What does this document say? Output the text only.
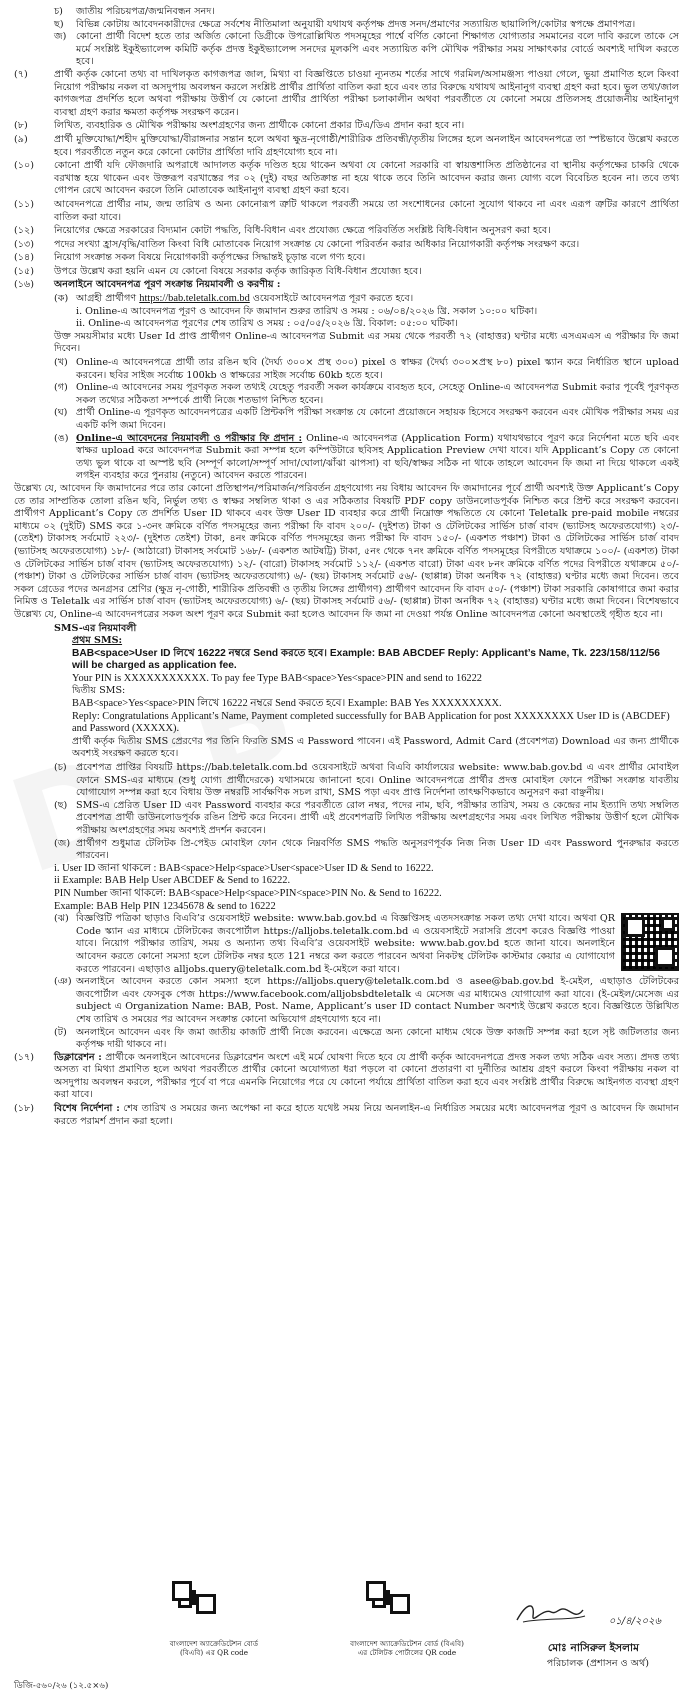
চ)	জাতীয় পরিচয়পত্র/জন্মনিবন্ধন সনদ।
ছ)	বিভিন্ন কোটায় আবেদনকারীদের ক্ষেত্রে সর্বশেষ নীতিমালা অনুযায়ী যথাযথ কর্তৃপক্ষ প্রদত্ত সনদ/প্রমাণের সত্যায়িত ছায়ালিপি/কোটার স্বপক্ষে প্রমাণপত্র।
জ)	কোনো প্রার্থী বিদেশ হতে তার অর্জিত কোনো ডিগ্রীকে উপরোল্লিখিত পদসমূহের পার্শ্বে বর্ণিত কোনো শিক্ষাগত যোগ্যতার সমমানের বলে দাবি করলে তাকে সে মর্মে সংশ্লিষ্ট ইকুইভ্যালেন্স কমিটি কর্তৃক প্রদত্ত ইকুইভ্যালেন্স সনদের মূলকপি এবং সত্যায়িত কপি মৌখিক পরীক্ষার সময় সাক্ষাৎকার বোর্ডে অবশ্যই দাখিল করতে হবে।
(৭)	প্রার্থী কর্তৃক কোনো তথ্য বা দাখিলকৃত কাগজপত্র জাল, মিথ্যা বা বিজ্ঞপ্তিতে চাওয়া ন্যূনতম শর্তের সাথে গরমিল/অসামঞ্জস্য পাওয়া গেলে, ভুয়া প্রমাণিত হলে কিংবা নিয়োগ পরীক্ষায় নকল বা অসদুপায় অবলম্বন করলে সংশ্লিষ্ট প্রার্থীর প্রার্থিতা বাতিল করা হবে এবং তার বিরুদ্ধে যথাযথ আইনানুগ ব্যবস্থা গ্রহণ করা হবে। ভুল তথ্য/জাল কাগজপত্র প্রদর্শিত হলে অথবা পরীক্ষায় উত্তীর্ণ যে কোনো প্রার্থীর প্রার্থিতা পরীক্ষা চলাকালীন অথবা পরবর্তীতে যে কোনো সময়ে প্রতিলসহ প্রয়োজনীয় আইনানুগ ব্যবস্থা গ্রহণ করার ক্ষমতা কর্তৃপক্ষ সংরক্ষণ করেন।
(৮)	লিখিত, ব্যবহারিক ও মৌখিক পরীক্ষায় অংশগ্রহণের জন্য প্রার্থীকে কোনো প্রকার টিএ/ডিএ প্রদান করা হবে না।
(৯)	প্রার্থী মুক্তিযোদ্ধা/শহীদ মুক্তিযোদ্ধা/বীরাঙ্গনার সন্তান হলে অথবা ক্ষুদ্র-নৃগোষ্ঠী/শারীরিক প্রতিবন্ধী/তৃতীয় লিঙ্গের হলে অনলাইন আবেদনপত্রে তা স্পষ্টভাবে উল্লেখ করতে হবে। পরবর্তীতে নতুন করে কোনো কোটার প্রার্থিতা দাবি গ্রহণযোগ্য হবে না।
(১০)	কোনো প্রার্থী যদি ফৌজদারি অপরাধে আদালত কর্তৃক দণ্ডিত হয়ে থাকেন অথবা যে কোনো সরকারি বা স্বায়ত্তশাসিত প্রতিষ্ঠানের বা স্থানীয় কর্তৃপক্ষের চাকরি থেকে বরখাস্ত হয়ে থাকেন এবং উক্তরূপ বরখাস্তের পর ০২ (দুই) বছর অতিক্রান্ত না হয়ে থাকে তবে তিনি আবেদন করার জন্য যোগ্য বলে বিবেচিত হবেন না। তবে তথ্য গোপন রেখে আবেদন করলে তিনি মোতাবেক আইনানুগ ব্যবস্থা গ্রহণ করা হবে।
(১১)	আবেদনপত্রে প্রার্থীর নাম, জন্ম তারিখ ও অন্য কোনোরূপ ত্রুটি থাকলে পরবর্তী সময়ে তা সংশোধনের কোনো সুযোগ থাকবে না এবং এরূপ ত্রুটির কারণে প্রার্থিতা বাতিল করা যাবে।
(১২)	নিয়োগের ক্ষেত্রে সরকারের বিদ্যমান কোটা পদ্ধতি, বিধি-বিধান এবং প্রযোজ্য ক্ষেত্রে পরিবর্তিত সংশ্লিষ্ট বিধি-বিধান অনুসরণ করা হবে।
(১৩)	পদের সংখ্যা হ্রাস/বৃদ্ধি/বাতিল কিংবা বিধি মোতাবেক নিয়োগ সংক্রান্ত যে কোনো পরিবর্তন করার অধিকার নিয়োগকারী কর্তৃপক্ষ সংরক্ষণ করে।
(১৪)	নিয়োগ সংক্রান্ত সকল বিষয়ে নিয়োগকারী কর্তৃপক্ষের সিদ্ধান্তই চূড়ান্ত বলে গণ্য হবে।
(১৫)	উপরে উল্লেখ করা হয়নি এমন যে কোনো বিষয়ে সরকার কর্তৃক জারিকৃত বিধি-বিধান প্রযোজ্য হবে।
(১৬)	অনলাইনে আবেদনপত্র পূরণ সংক্রান্ত নিয়মাবলী ও করণীয় :
(ক) আগ্রহী প্রার্থীগণ https://bab.teletalk.com.bd ওয়েবসাইটে আবেদনপত্র পূরণ করতে হবে।

i. Online-এ আবেদনপত্র পূরণ ও আবেদন ফি জমাদান শুরুর তারিখ ও সময় : ০৬/০৪/২০২৬ খ্রি. সকাল ১০:০০ ঘটিকা।

ii. Online-এ আবেদনপত্র পূরণের শেষ তারিখ ও সময় : ০৫/০৫/২০২৬ খ্রি. বিকাল: ০৫:০০ ঘটিকা।

উক্ত সময়সীমার মধ্যে User Id প্রাপ্ত প্রার্থীগণ Online-এ আবেদনপত্র Submit এর সময় থেকে পরবর্তী ৭২ (বাহাত্তর) ঘণ্টার মধ্যে এসএমএস এ পরীক্ষার ফি জমা দিবেন।

(খ) Online-এ আবেদনপত্রে প্রার্থী তার রঙিন ছবি (দৈর্ঘ্য ৩০০× প্রস্থ ৩০০) pixel ও স্বাক্ষর (দৈর্ঘ্য ৩০০×প্রস্থ ৮০) pixel স্ক্যান করে নির্ধারিত স্থানে upload করবেন। ছবির সাইজ সর্বোচ্চ 100kb ও স্বাক্ষরের সাইজ সর্বোচ্চ 60kb হতে হবে।
(গ) Online-এ আবেদনের সময় পূরণকৃত সকল তথ্যই যেহেতু পরবর্তী সকল কার্যক্রমে ব্যবহৃত হবে, সেহেতু Online-এ আবেদনপত্র Submit করার পূর্বেই পূরণকৃত সকল তথ্যের সঠিকতা সম্পর্কে প্রার্থী নিজে শতভাগ নিশ্চিত হবেন।
(ঘ) প্রার্থী Online-এ পূরণকৃত আবেদনপত্রের একটি প্রিন্টকপি পরীক্ষা সংক্রান্ত যে কোনো প্রয়োজনে সহায়ক হিসেবে সংরক্ষণ করবেন এবং মৌখিক পরীক্ষার সময় এর একটি কপি জমা দিবেন।
(ঙ) Online-এ আবেদনের নিয়মাবলী ও পরীক্ষার ফি প্রদান : Online-এ আবেদনপত্র (Application Form) যথাযথভাবে পূরণ করে নির্দেশনা মতে ছবি এবং স্বাক্ষর upload করে আবেদনপত্র Submit করা সম্পন্ন হলে কম্পিউটারে ছবিসহ Application Preview দেখা যাবে। যদি Applicant’s Copy তে কোনো তথ্য ভুল থাকে বা অস্পষ্ট ছবি (সম্পূর্ণ কালো/সম্পূর্ণ সাদা/ঘোলা/ঝাঁঝা ঝাপসা) বা ছবি/স্বাক্ষর সঠিক না থাকে তাহলে আবেদন ফি জমা না দিয়ে থাকলে একই লগইন ব্যবহার করে পুনরায় (নতুনে) আবেদন করতে পারবেন।

উল্লেখ্য যে, আবেদন ফি জমাদানের পরে তার কোনো প্রতিস্থাপন/পরিমার্জন/পরিবর্তন গ্রহণযোগ্য নয় বিধায় আবেদন ফি জমাদানের পূর্বে প্রার্থী অবশ্যই উক্ত Applicant’s Copy তে তার সাম্প্রতিক তোলা রঙিন ছবি, নির্ভুল তথ্য ও স্বাক্ষর সম্বলিত থাকা ও এর সঠিকতার বিষয়টি PDF copy ডাউনলোডপূর্বক নিশ্চিত করে প্রিন্ট করে সংরক্ষণ করবেন। প্রার্থীগণ Applicant’s Copy তে প্রদর্শিত User ID থাকবে এবং উক্ত User ID ব্যবহার করে প্রার্থী নিম্নোক্ত পদ্ধতিতে যে কোনো Teletalk pre-paid mobile নম্বরের মাধ্যমে ০২ (দুইটি) SMS করে ১-৩নং ক্রমিকে বর্ণিত পদসমূহের জন্য পরীক্ষা ফি বাবদ ২০০/- (দুইশত) টাকা ও টেলিটকের সার্ভিস চার্জ বাবদ (ভ্যাটসহ অফেরতযোগ্য) ২৩/- (তেইশ) টাকাসহ সর্বমোট ২২৩/- (দুইশত তেইশ) টাকা, ৪নং ক্রমিকে বর্ণিত পদসমূহের জন্য পরীক্ষা ফি বাবদ ১৫০/- (একশত পঞ্চাশ) টাকা ও টেলিটকের সার্ভিস চার্জ বাবদ (ভ্যাটসহ অফেরতযোগ্য) ১৮/- (আঠারো) টাকাসহ সর্বমোট ১৬৮/- (একশত আটষট্টি) টাকা, ৫নং থেকে ৭নং ক্রমিকে বর্ণিত পদসমূহের বিপরীতে যথাক্রমে ১০০/- (একশত) টাকা ও টেলিটকের সার্ভিস চার্জ বাবদ (ভ্যাটসহ অফেরতযোগ্য) ১২/- (বারো) টাকাসহ সর্বমোট ১১২/- (একশত বারো) টাকা এবং ৮নং ক্রমিকে বর্ণিত পদের বিপরীতে যথাক্রমে ৫০/- (পঞ্চাশ) টাকা ও টেলিটকের সার্ভিস চার্জ বাবদ (ভ্যাটসহ অফেরতযোগ্য) ৬/- (ছয়) টাকাসহ সর্বমোট ৫৬/- (ছাপ্পান্ন) টাকা অনধিক ৭২ (বাহাত্তর) ঘণ্টার মধ্যে জমা দিবেন। তবে সকল গ্রেডের পদের অনগ্রসর শ্রেণির (ক্ষুদ্র নৃ-গোষ্ঠী, শারীরিক প্রতিবন্ধী ও তৃতীয় লিঙ্গের প্রার্থীগণ) প্রার্থীগণ আবেদন ফি বাবদ ৫০/- (পঞ্চাশ) টাকা সরকারি কোষাগারে জমা করার নিমিত্ত ও Teletalk এর সার্ভিস চার্জ বাবদ (ভ্যাটসহ অফেরতযোগ্য) ৬/- (ছয়) টাকাসহ সর্বমোট ৫৬/- (ছাপ্পান্ন) টাকা অনধিক ৭২ (বাহাত্তর) ঘণ্টার মধ্যে জমা দিবেন। বিশেষভাবে উল্লেখ্য যে, Online-এ আবেদনপত্রের সকল অংশ পূরণ করে Submit করা হলেও আবেদন ফি জমা না দেওয়া পর্যন্ত Online আবেদনপত্র কোনো অবস্থাতেই গৃহীত হবে না।

SMS-এর নিয়মাবলী

প্রথম SMS:

BAB<space>User ID লিখে 16222 নম্বরে Send করতে হবে। Example: BAB ABCDEF Reply: Applicant’s Name, Tk. 223/158/112/56 will be charged as application fee.

Your PIN is XXXXXXXXXXX. To pay fee Type BAB<space>Yes<space>PIN and send to 16222

দ্বিতীয় SMS:

BAB<space>Yes<space>PIN লিখে 16222 নম্বরে Send করতে হবে। Example: BAB Yes XXXXXXXXX.

Reply: Congratulations Applicant’s Name, Payment completed successfully for BAB Application for post XXXXXXXX User ID is (ABCDEF) and Password (XXXXX).

প্রার্থী কর্তৃক দ্বিতীয় SMS প্রেরণের পর তিনি ফিরতি SMS এ Password পাবেন। এই Password, Admit Card (প্রবেশপত্র) Download এর জন্য প্রার্থীকে অবশ্যই সংরক্ষণ করতে হবে।

(চ) প্রবেশপত্র প্রাপ্তির বিষয়টি https://bab.teletalk.com.bd ওয়েবসাইটে অথবা বিএবি কার্যালয়ের website: www.bab.gov.bd এ এবং প্রার্থীর মোবাইল ফোনে SMS-এর মাধ্যমে (শুধু যোগ্য প্রার্থীদেরকে) যথাসময়ে জানানো হবে। Online আবেদনপত্রে প্রার্থীর প্রদত্ত মোবাইল ফোনে পরীক্ষা সংক্রান্ত যাবতীয় যোগাযোগ সম্পন্ন করা হবে বিধায় উক্ত নম্বরটি সার্বক্ষণিক সচল রাখা, SMS পড়া এবং প্রাপ্ত নির্দেশনা তাৎক্ষণিকভাবে অনুসরণ করা বাঞ্ছনীয়।
(ছ) SMS-এ প্রেরিত User ID এবং Password ব্যবহার করে পরবর্তীতে রোল নম্বর, পদের নাম, ছবি, পরীক্ষার তারিখ, সময় ও কেন্দ্রের নাম ইত্যাদি তথ্য সম্বলিত প্রবেশপত্র প্রার্থী ডাউনলোডপূর্বক রঙিন প্রিন্ট করে নিবেন। প্রার্থী এই প্রবেশপত্রটি লিখিত পরীক্ষায় অংশগ্রহণের সময় এবং লিখিত পরীক্ষায় উত্তীর্ণ হলে মৌখিক পরীক্ষায় অংশগ্রহণের সময় অবশ্যই প্রদর্শন করবেন।
(জ) প্রার্থীগণ শুধুমাত্র টেলিটক প্রি-পেইড মোবাইল ফোন থেকে নিম্নবর্ণিত SMS পদ্ধতি অনুসরণপূর্বক নিজ নিজ User ID এবং Password পুনরুদ্ধার করতে পারবেন।

i. User ID জানা থাকলে : BAB<space>Help<space>User<space>User ID & Send to 16222.

ii Example: BAB Help User ABCDEF & Send to 16222.

PIN Number জানা থাকলে: BAB<space>Help<space>PIN<space>PIN No. & Send to 16222.

Example: BAB Help PIN 12345678 & send to 16222

(ঝ) বিজ্ঞপ্তিটি পত্রিকা ছাড়াও বিএবি’র ওয়েবসাইট website: www.bab.gov.bd এ বিজ্ঞপ্তিসহ এতদসংক্রান্ত সকল তথ্য দেখা যাবে। অথবা QR Code স্ক্যান এর মাধ্যমে টেলিটকের জবপোর্টাল https://alljobs.teletalk.com.bd এ ওয়েবসাইটে সরাসরি প্রবেশ করেও বিজ্ঞপ্তি পাওয়া যাবে। নিয়োগ পরীক্ষার তারিখ, সময় ও অন্যান্য তথ্য বিএবি’র ওয়েবসাইট website: www.bab.gov.bd হতে জানা যাবে। অনলাইনে আবেদন করতে কোনো সমস্যা হলে টেলিটক নম্বর হতে 121 নম্বরে কল করতে পারবেন অথবা নিকটস্থ টেলিটক কাস্টমার কেয়ার এ যোগাযোগ করতে পারবেন। এছাড়াও alljobs.query@teletalk.com.bd ই-মেইলে করা যাবে।
(ঞ) অনলাইনে আবেদন করতে কোন সমস্যা হলে https://alljobs.query@teletalk.com.bd ও asee@bab.gov.bd ই-মেইল, এছাড়াও টেলিটকের জবপোর্টাল এবং ফেসবুক পেজ https://www.facebook.com/alljobsbdteletalk এ মেসেজ এর মাধ্যমেও যোগাযোগ করা যাবে। (ই-মেইল/মেসেজ এর subject এ Organization Name: BAB, Post. Name, Applicant’s user ID contact Number অবশ্যই উল্লেখ করতে হবে। বিজ্ঞপ্তিতে উল্লিখিত শেষ তারিখ ও সময়ের পর আবেদন সংক্রান্ত কোনো অভিযোগ গ্রহণযোগ্য হবে না।
(ট) অনলাইনে আবেদন এবং ফি জমা জাতীয় কাজটি প্রার্থী নিজে করবেন। এক্ষেত্রে অন্য কোনো মাধ্যম থেকে উক্ত কাজটি সম্পন্ন করা হলে সৃষ্ট জটিলতার জন্য কর্তৃপক্ষ দায়ী থাকবে না।
(১৭)	ডিক্লারেশন : প্রার্থীকে অনলাইনে আবেদনের ডিক্লারেশন অংশে এই মর্মে ঘোষণা দিতে হবে যে প্রার্থী কর্তৃক আবেদনপত্রে প্রদত্ত সকল তথ্য সঠিক এবং সত্য। প্রদত্ত তথ্য অসত্য বা মিথ্যা প্রমাণিত হলে অথবা পরবর্তীতে প্রার্থীর কোনো অযোগ্যতা ধরা পড়লে বা কোনো প্রতারণা বা দুর্নীতির আশ্রয় গ্রহণ করলে কিংবা পরীক্ষায় নকল বা অসদুপায় অবলম্বন করলে, পরীক্ষার পূর্বে বা পরে এমনকি নিয়োগের পরে যে কোনো পর্যায়ে প্রার্থিতা বাতিল করা হবে এবং সংশ্লিষ্ট প্রার্থীর বিরুদ্ধে আইনগত ব্যবস্থা গ্রহণ করা যাবে।
(১৮)	বিশেষ নির্দেশনা : শেষ তারিখ ও সময়ের জন্য অপেক্ষা না করে হাতে যথেষ্ট সময় নিয়ে অনলাইন-এ নির্ধারিত সময়ের মধ্যে আবেদনপত্র পূরণ ও আবেদন ফি জমাদান করতে পরামর্শ প্রদান করা হলো।
বাংলাদেশ অ্যাক্রেডিটেশন বোর্ড (বিএবি) এর QR code
বাংলাদেশ অ্যাক্রেডিটেশন বোর্ড (বিএবি) এর টেলিটক পোর্টালের QR code
০১/৪/২০২৬
মোঃ নাসিরুল ইসলাম
পরিচালক (প্রশাসন ও অর্থ)
ডিজি-৫৬০/২৬ (১২.৫×৬)
